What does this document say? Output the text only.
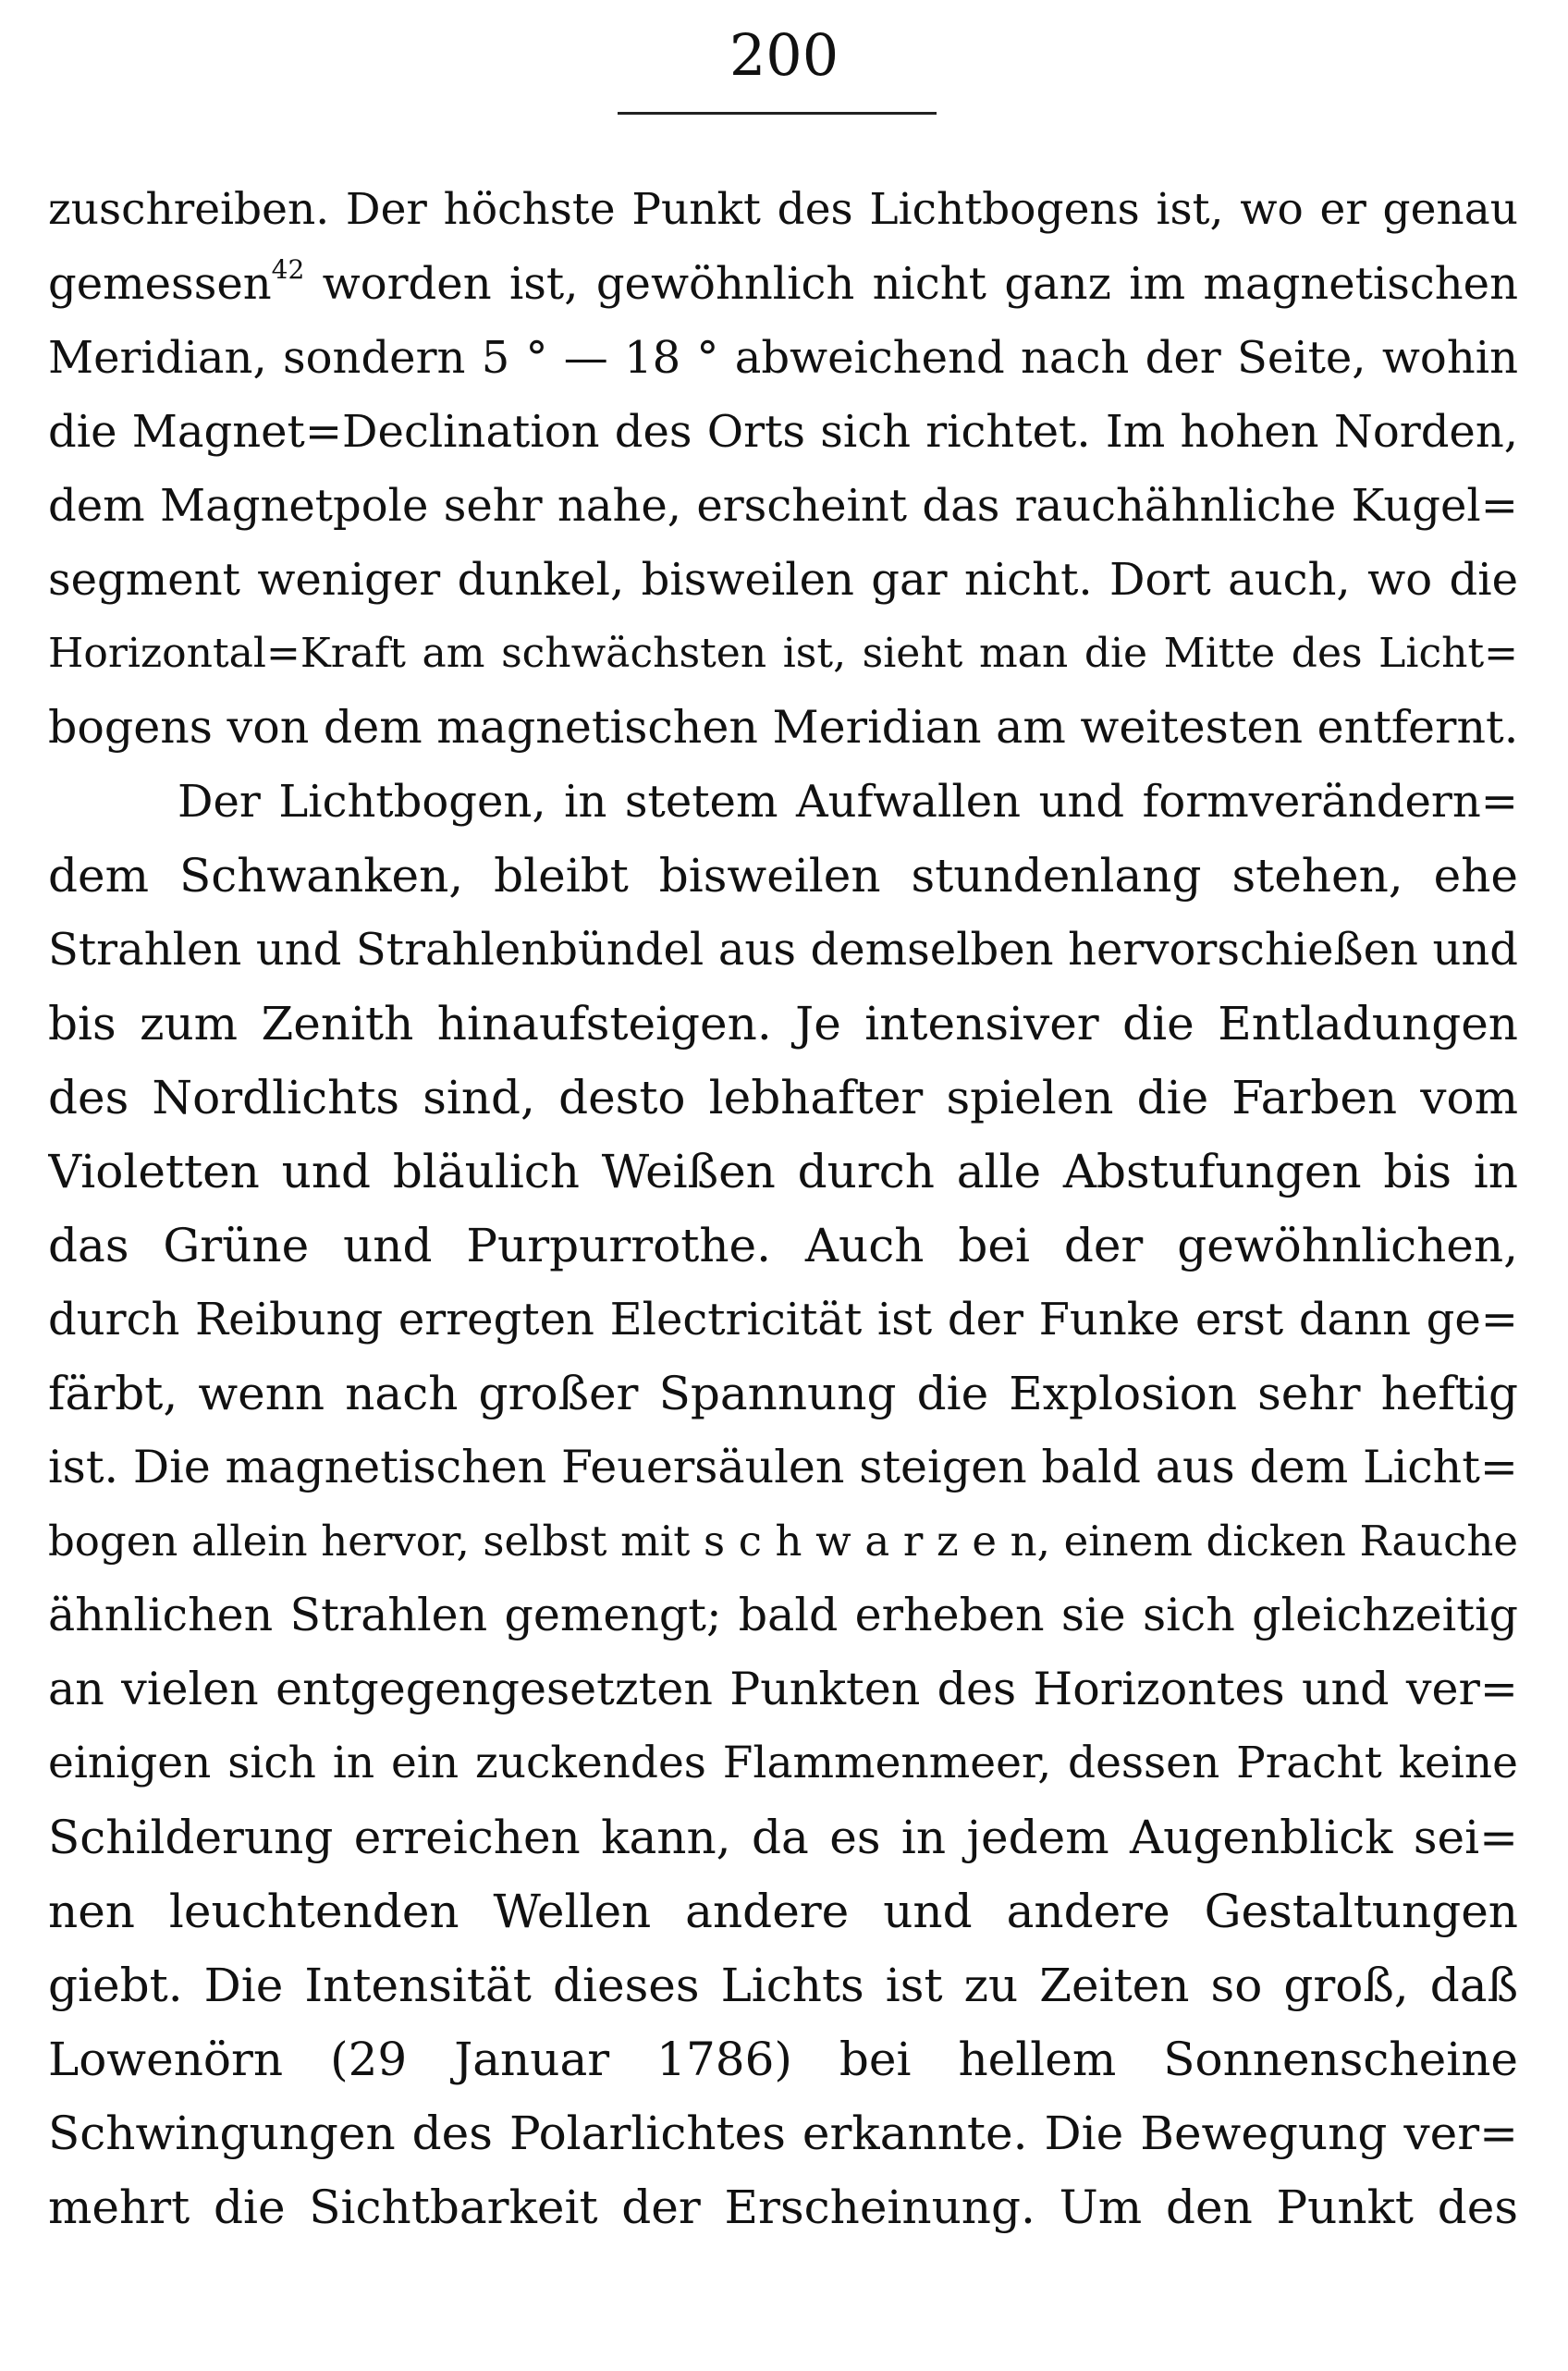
200
zuschreiben. Der höchste Punkt des Lichtbogens ist, wo er genau
gemessen$^{42}$ worden ist, gewöhnlich nicht ganz im magnetischen
Meridian, sondern 5 ° — 18 ° abweichend nach der Seite, wohin
die Magnet=Declination des Orts sich richtet. Im hohen Norden,
dem Magnetpole sehr nahe, erscheint das rauchähnliche Kugel=
segment weniger dunkel, bisweilen gar nicht. Dort auch, wo die
Horizontal=Kraft am schwächsten ist, sieht man die Mitte des Licht=
bogens von dem magnetischen Meridian am weitesten entfernt.
Der Lichtbogen, in stetem Aufwallen und formverändern=
dem Schwanken, bleibt bisweilen stundenlang stehen, ehe
Strahlen und Strahlenbündel aus demselben hervorschießen und
bis zum Zenith hinaufsteigen. Je intensiver die Entladungen
des Nordlichts sind, desto lebhafter spielen die Farben vom
Violetten und bläulich Weißen durch alle Abstufungen bis in
das Grüne und Purpurrothe. Auch bei der gewöhnlichen,
durch Reibung erregten Electricität ist der Funke erst dann ge=
färbt, wenn nach großer Spannung die Explosion sehr heftig
ist. Die magnetischen Feuersäulen steigen bald aus dem Licht=
bogen allein hervor, selbst mit s c h w a r z e n, einem dicken Rauche
ähnlichen Strahlen gemengt; bald erheben sie sich gleichzeitig
an vielen entgegengesetzten Punkten des Horizontes und ver=
einigen sich in ein zuckendes Flammenmeer, dessen Pracht keine
Schilderung erreichen kann, da es in jedem Augenblick sei=
nen leuchtenden Wellen andere und andere Gestaltungen
giebt. Die Intensität dieses Lichts ist zu Zeiten so groß, daß
Lowenörn (29 Januar 1786) bei hellem Sonnenscheine
Schwingungen des Polarlichtes erkannte. Die Bewegung ver=
mehrt die Sichtbarkeit der Erscheinung. Um den Punkt des
